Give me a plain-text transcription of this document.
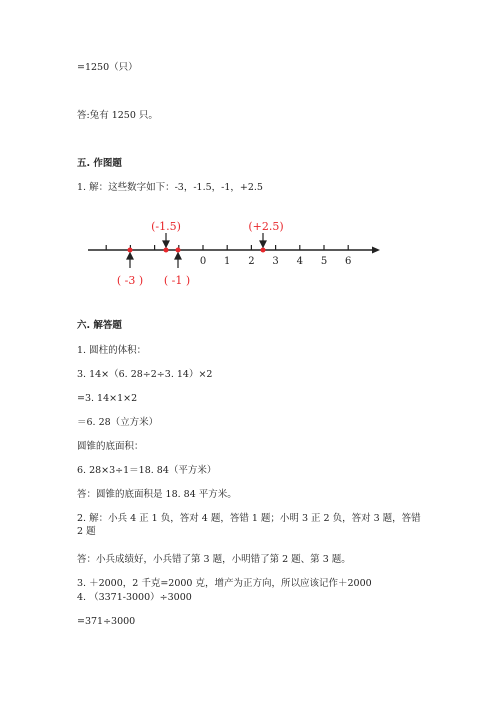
=1250（只）
答:兔有 1250 只。
五. 作图题
1. 解：这些数字如下：-3，-1.5，-1，+2.5
0 1 2 3 4 5 6
(-1.5)	(+2.5)
( -3 ) ( -1 )
六. 解答题
1. 圆柱的体积：
3. 14×（6. 28÷2÷3. 14）×2
=3. 14×1×2
＝6. 28（立方米）
圆锥的底面积：
6. 28×3÷1＝18. 84（平方米）
答：圆锥的底面积是 18. 84 平方米。
2. 解：小兵 4 正 1 负，答对 4 题，答错 1 题；小明 3 正 2 负，答对 3 题，答错 2 题
答：小兵成绩好，小兵错了第 3 题，小明错了第 2 题、第 3 题。
3. ＋2000，2 千克=2000 克，增产为正方向，所以应该记作＋2000
4. （3371-3000）÷3000
=371÷3000
